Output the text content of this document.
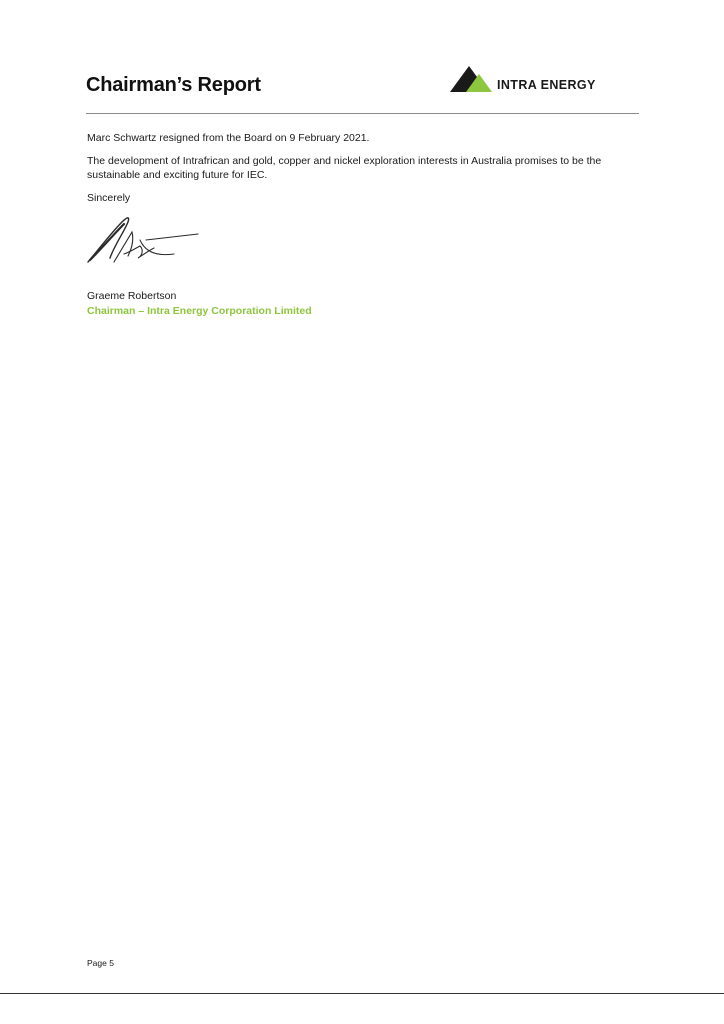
Chairman’s Report	INTRA ENERGY

Marc Schwartz resigned from the Board on 9 February 2021.

The development of Intrafrican and gold, copper and nickel exploration interests in Australia promises to be the sustainable and exciting future for IEC.

Sincerely

Graeme Robertson
Chairman – Intra Energy Corporation Limited
Page 5
